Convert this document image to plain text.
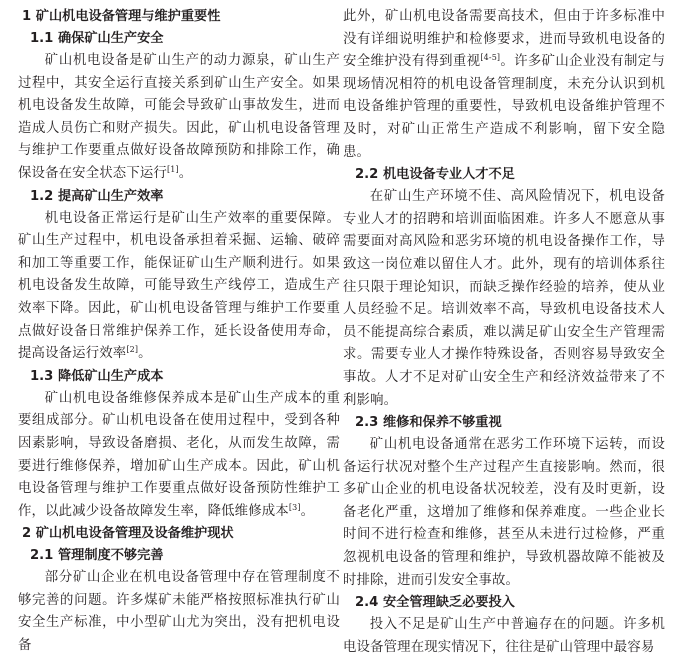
1 矿山机电设备管理与维护重要性

1.1 确保矿山生产安全

矿山机电设备是矿山生产的动力源泉，矿山生产过程中，其安全运行直接关系到矿山生产安全。如果机电设备发生故障，可能会导致矿山事故发生，进而造成人员伤亡和财产损失。因此，矿山机电设备管理与维护工作要重点做好设备故障预防和排除工作，确保设备在安全状态下运行[1]。

1.2 提高矿山生产效率

机电设备正常运行是矿山生产效率的重要保障。矿山生产过程中，机电设备承担着采掘、运输、破碎和加工等重要工作，能保证矿山生产顺利进行。如果机电设备发生故障，可能导致生产线停工，造成生产效率下降。因此，矿山机电设备管理与维护工作要重点做好设备日常维护保养工作，延长设备使用寿命，提高设备运行效率[2]。

1.3 降低矿山生产成本

矿山机电设备维修保养成本是矿山生产成本的重要组成部分。矿山机电设备在使用过程中，受到各种因素影响，导致设备磨损、老化，从而发生故障，需要进行维修保养，增加矿山生产成本。因此，矿山机电设备管理与维护工作要重点做好设备预防性维护工作，以此减少设备故障发生率，降低维修成本[3]。

2 矿山机电设备管理及设备维护现状

2.1 管理制度不够完善

部分矿山企业在机电设备管理中存在管理制度不够完善的问题。许多煤矿未能严格按照标准执行矿山安全生产标准，中小型矿山尤为突出，没有把机电设备

此外，矿山机电设备需要高技术，但由于许多标准中没有详细说明维护和检修要求，进而导致机电设备的安全维护没有得到重视[4-5]。许多矿山企业没有制定与现场情况相符的机电设备管理制度，未充分认识到机电设备维护管理的重要性，导致机电设备维护管理不及时，对矿山正常生产造成不利影响，留下安全隐患。

2.2 机电设备专业人才不足

在矿山生产环境不佳、高风险情况下，机电设备专业人才的招聘和培训面临困难。许多人不愿意从事需要面对高风险和恶劣环境的机电设备操作工作，导致这一岗位难以留住人才。此外，现有的培训体系往往只限于理论知识，而缺乏操作经验的培养，使从业人员经验不足。培训效率不高，导致机电设备技术人员不能提高综合素质，难以满足矿山安全生产管理需求。需要专业人才操作特殊设备，否则容易导致安全事故。人才不足对矿山安全生产和经济效益带来了不利影响。

2.3 维修和保养不够重视

矿山机电设备通常在恶劣工作环境下运转，而设备运行状况对整个生产过程产生直接影响。然而，很多矿山企业的机电设备状况较差，没有及时更新，设备老化严重，这增加了维修和保养难度。一些企业长时间不进行检查和维修，甚至从未进行过检修，严重忽视机电设备的管理和维护，导致机器故障不能被及时排除，进而引发安全事故。

2.4 安全管理缺乏必要投入

投入不足是矿山生产中普遍存在的问题。许多机电设备管理在现实情况下，往往是矿山管理中最容易
